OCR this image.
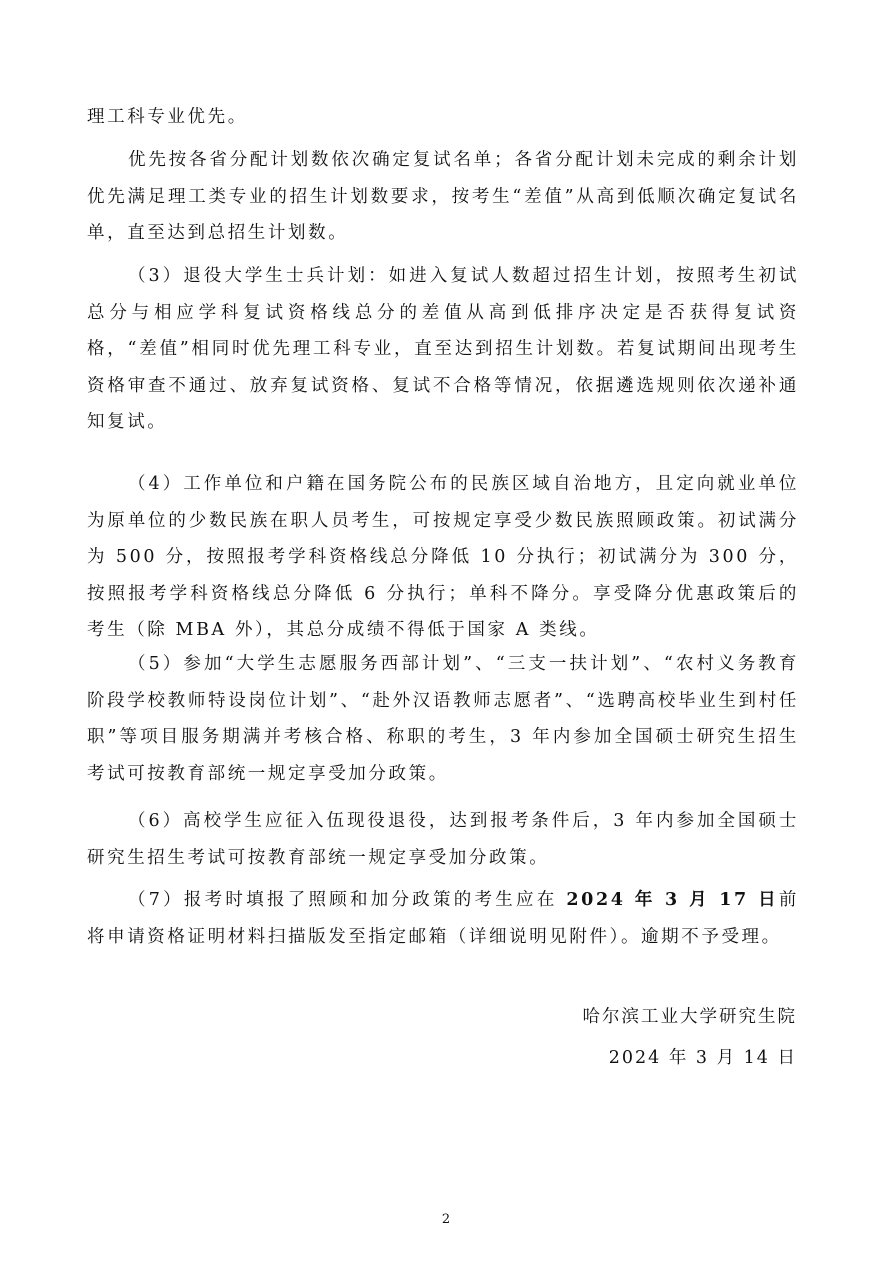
理工科专业优先。

优先按各省分配计划数依次确定复试名单；各省分配计划未完成的剩余计划优先满足理工类专业的招生计划数要求，按考生“差值”从高到低顺次确定复试名单，直至达到总招生计划数。

（3）退役大学生士兵计划：如进入复试人数超过招生计划，按照考生初试总分与相应学科复试资格线总分的差值从高到低排序决定是否获得复试资格，“差值”相同时优先理工科专业，直至达到招生计划数。若复试期间出现考生资格审查不通过、放弃复试资格、复试不合格等情况，依据遴选规则依次递补通知复试。

（4）工作单位和户籍在国务院公布的民族区域自治地方，且定向就业单位为原单位的少数民族在职人员考生，可按规定享受少数民族照顾政策。初试满分为 500 分，按照报考学科资格线总分降低 10 分执行；初试满分为 300 分，按照报考学科资格线总分降低 6 分执行；单科不降分。享受降分优惠政策后的考生（除 MBA 外），其总分成绩不得低于国家 A 类线。

（5）参加“大学生志愿服务西部计划”、“三支一扶计划”、“农村义务教育阶段学校教师特设岗位计划”、“赴外汉语教师志愿者”、“选聘高校毕业生到村任职”等项目服务期满并考核合格、称职的考生，3 年内参加全国硕士研究生招生考试可按教育部统一规定享受加分政策。

（6）高校学生应征入伍现役退役，达到报考条件后，3 年内参加全国硕士研究生招生考试可按教育部统一规定享受加分政策。

（7）报考时填报了照顾和加分政策的考生应在 2024 年 3 月 17 日前将申请资格证明材料扫描版发至指定邮箱（详细说明见附件）。逾期不予受理。

哈尔滨工业大学研究生院
2024 年 3 月 14 日
2
